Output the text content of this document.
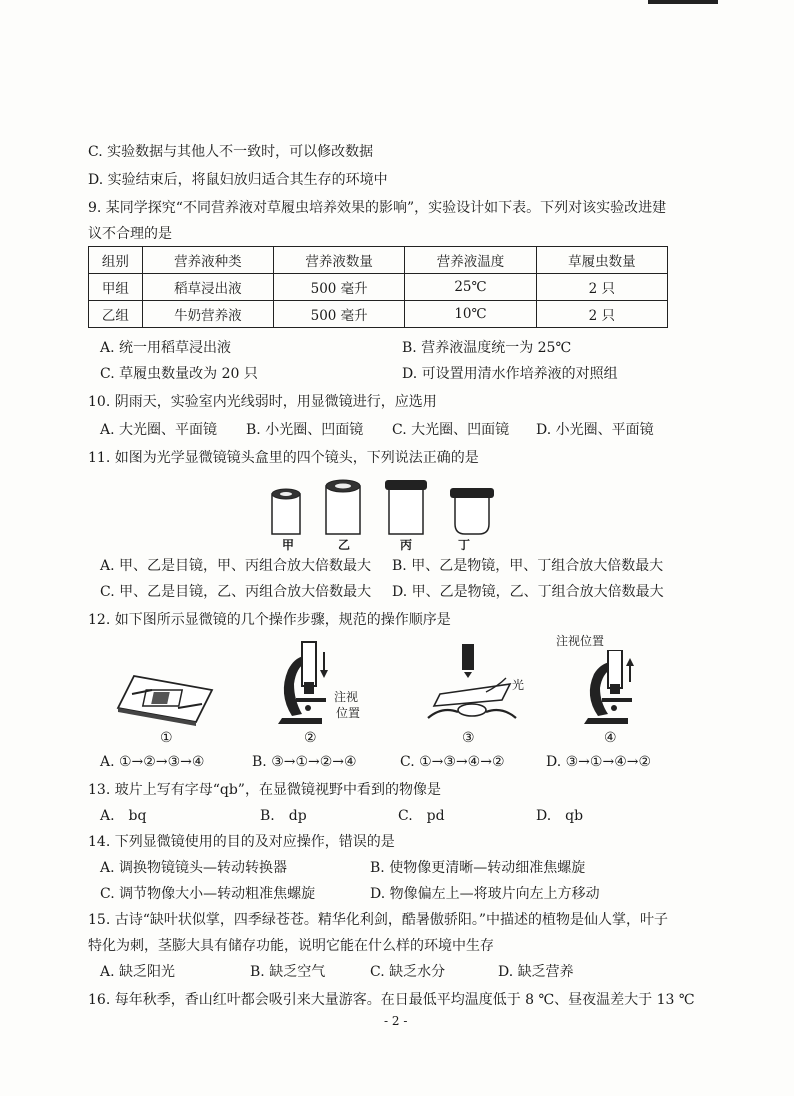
C. 实验数据与其他人不一致时，可以修改数据
D. 实验结束后，将鼠妇放归适合其生存的环境中
9. 某同学探究“不同营养液对草履虫培养效果的影响”，实验设计如下表。下列对该实验改进建
议不合理的是
组别	营养液种类	营养液数量	营养液温度	草履虫数量
甲组	稻草浸出液	500 毫升	25℃	2 只
乙组	牛奶营养液	500 毫升	10℃	2 只
A. 统一用稻草浸出液	B. 营养液温度统一为 25℃
C. 草履虫数量改为 20 只	D. 可设置用清水作培养液的对照组
10. 阴雨天，实验室内光线弱时，用显微镜进行，应选用
A. 大光圈、平面镜 B. 小光圈、凹面镜 C. 大光圈、凹面镜 D. 小光圈、平面镜
11. 如图为光学显微镜镜头盒里的四个镜头，下列说法正确的是
甲	乙	丙	丁
A. 甲、乙是目镜，甲、丙组合放大倍数最大 B. 甲、乙是物镜，甲、丁组合放大倍数最大
C. 甲、乙是目镜，乙、丙组合放大倍数最大 D. 甲、乙是物镜，乙、丁组合放大倍数最大
12. 如下图所示显微镜的几个操作步骤，规范的操作顺序是
注视
位置
光
注视位置
①	②	③	④
A. ①→②→③→④	B. ③→①→②→④	C. ①→③→④→②	D. ③→①→④→②
13. 玻片上写有字母“qb”，在显微镜视野中看到的物像是
A.　bq	B.　dp	C.　pd	D.　qb
14. 下列显微镜使用的目的及对应操作，错误的是
A. 调换物镜镜头—转动转换器	B. 使物像更清晰—转动细准焦螺旋
C. 调节物像大小—转动粗准焦螺旋	D. 物像偏左上—将玻片向左上方移动
15. 古诗“缺叶状似掌，四季绿苍苍。精华化利剑，酷暑傲骄阳。”中描述的植物是仙人掌，叶子
特化为刺，茎膨大具有储存功能，说明它能在什么样的环境中生存
A. 缺乏阳光	B. 缺乏空气	C. 缺乏水分	D. 缺乏营养
16. 每年秋季，香山红叶都会吸引来大量游客。在日最低平均温度低于 8 ℃、昼夜温差大于 13 ℃
- 2 -
